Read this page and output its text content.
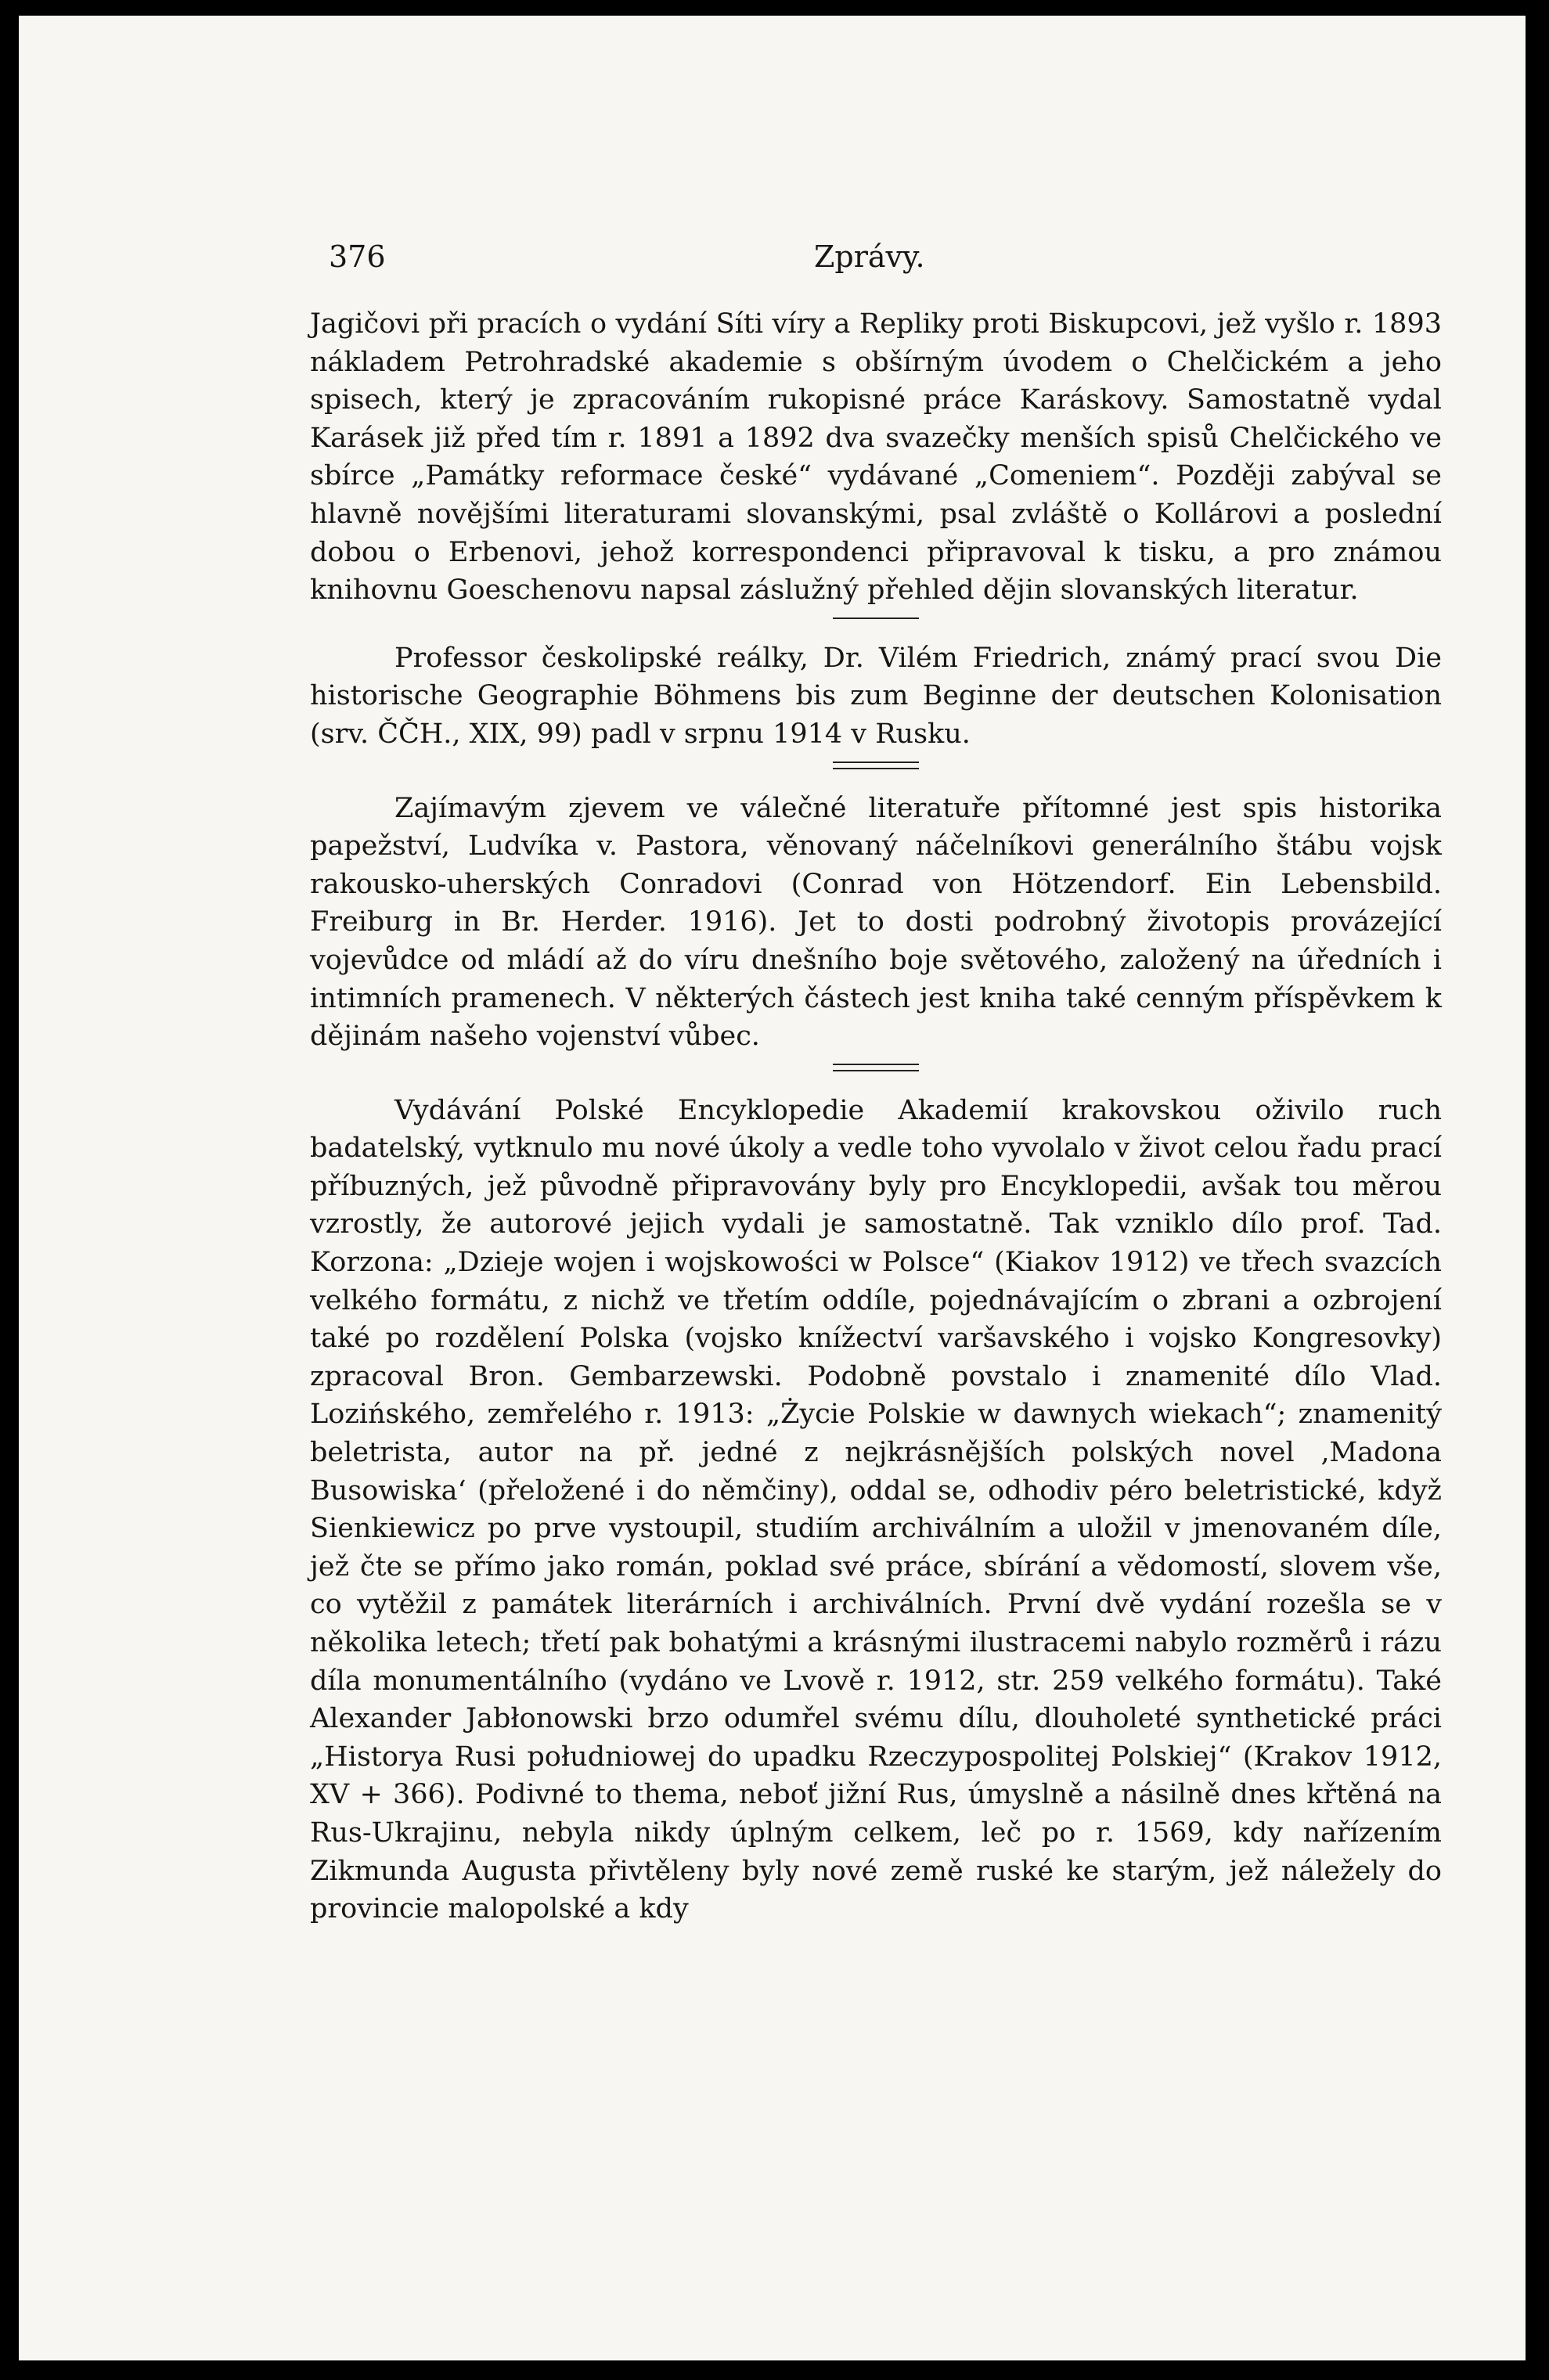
376	Zprávy.

Jagičovi při pracích o vydání Síti víry a Repliky proti Biskupcovi, jež vyšlo r. 1893 nákladem Petrohradské akademie s obšírným úvodem o Chelčickém a jeho spisech, který je zpracováním rukopisné práce Karáskovy. Samostatně vydal Karásek již před tím r. 1891 a 1892 dva svazečky menších spisů Chelčického ve sbírce „Památky reformace české“ vydávané „Comeniem“. Později zabýval se hlavně novějšími literaturami slovanskými, psal zvláště o Kollárovi a poslední dobou o Erbenovi, jehož korrespondenci připravoval k tisku, a pro známou knihovnu Goeschenovu napsal záslužný přehled dějin slovanských literatur.

Professor českolipské reálky, Dr. Vilém Friedrich, známý prací svou Die historische Geographie Böhmens bis zum Beginne der deutschen Kolonisation (srv. ČČH., XIX, 99) padl v srpnu 1914 v Rusku.

Zajímavým zjevem ve válečné literatuře přítomné jest spis historika papežství, Ludvíka v. Pastora, věnovaný náčelníkovi generálního štábu vojsk rakousko-uherských Conradovi (Conrad von Hötzendorf. Ein Lebensbild. Freiburg in Br. Herder. 1916). Jet to dosti podrobný životopis provázející vojevůdce od mládí až do víru dnešního boje světového, založený na úředních i intimních pramenech. V některých částech jest kniha také cenným příspěvkem k dějinám našeho vojenství vůbec.

Vydávání Polské Encyklopedie Akademií krakovskou oživilo ruch badatelský, vytknulo mu nové úkoly a vedle toho vyvolalo v život celou řadu prací příbuzných, jež původně připravovány byly pro Encyklopedii, avšak tou měrou vzrostly, že autorové jejich vydali je samostatně. Tak vzniklo dílo prof. Tad. Korzona: „Dzieje wojen i wojskowości w Polsce“ (Kiakov 1912) ve třech svazcích velkého formátu, z nichž ve třetím oddíle, pojednávajícím o zbrani a ozbrojení také po rozdělení Polska (vojsko knížectví varšavského i vojsko Kongresovky) zpracoval Bron. Gembarzewski. Podobně povstalo i znamenité dílo Vlad. Lozińského, zemřelého r. 1913: „Życie Polskie w dawnych wiekach“; znamenitý beletrista, autor na př. jedné z nejkrásnějších polských novel ‚Madona Busowiska‘ (přeložené i do němčiny), oddal se, odhodiv péro beletristické, když Sienkiewicz po prve vystoupil, studiím archiválním a uložil v jmenovaném díle, jež čte se přímo jako román, poklad své práce, sbírání a vědomostí, slovem vše, co vytěžil z památek literárních i archiválních. První dvě vydání rozešla se v několika letech; třetí pak bohatými a krásnými ilustracemi nabylo rozměrů i rázu díla monumentálního (vydáno ve Lvově r. 1912, str. 259 velkého formátu). Také Alexander Jabłonowski brzo odumřel svému dílu, dlouholeté synthetické práci „Historya Rusi południowej do upadku Rzeczypospolitej Polskiej“ (Krakov 1912, XV + 366). Podivné to thema, neboť jižní Rus, úmyslně a násilně dnes křtěná na Rus-Ukrajinu, nebyla nikdy úplným celkem, leč po r. 1569, kdy nařízením Zikmunda Augusta přivtěleny byly nové země ruské ke starým, jež náležely do provincie malopolské a kdy
